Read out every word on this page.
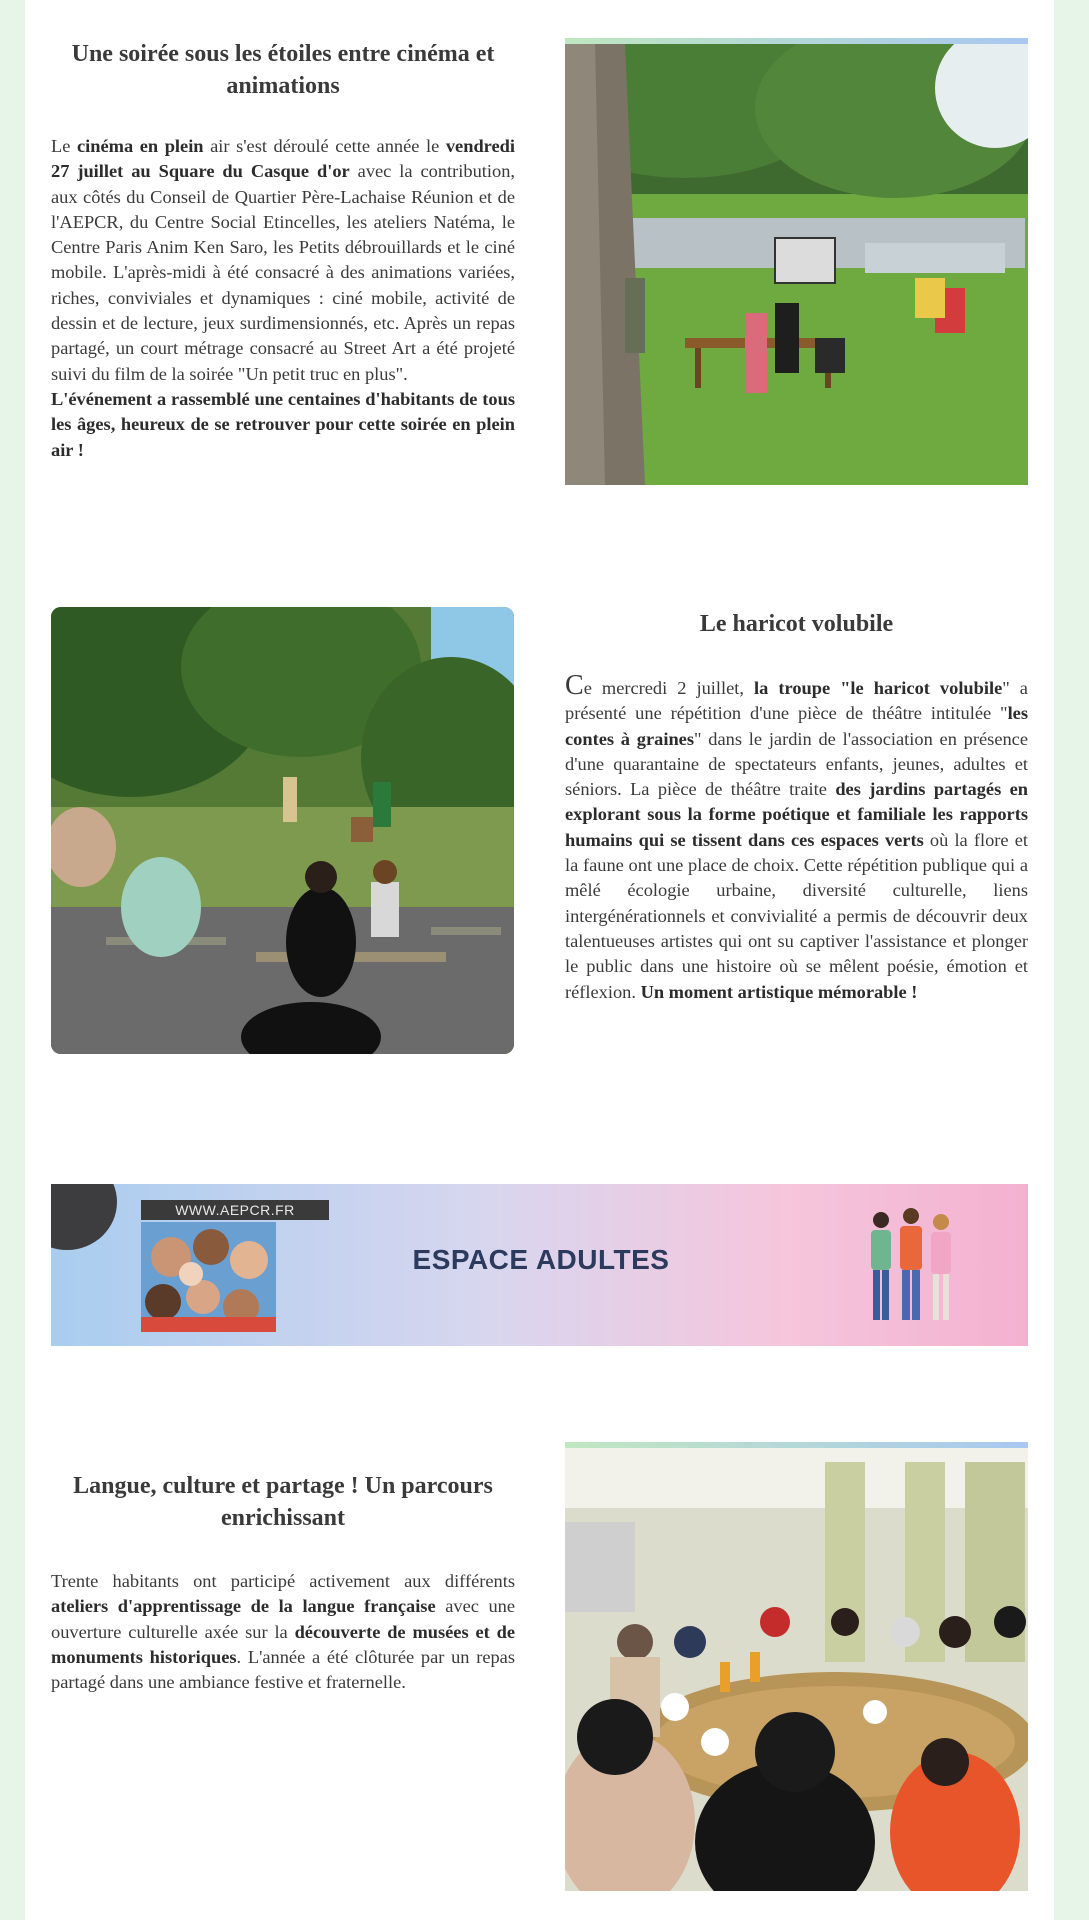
Une soirée sous les étoiles entre cinéma et animations

Le cinéma en plein air s'est déroulé cette année le vendredi 27 juillet au Square du Casque d'or avec la contribution, aux côtés du Conseil de Quartier Père-Lachaise Réunion et de l'AEPCR, du Centre Social Etincelles, les ateliers Natéma, le Centre Paris Anim Ken Saro, les Petits débrouillards et le ciné mobile. L'après-midi à été consacré à des animations variées, riches, conviviales et dynamiques : ciné mobile, activité de dessin et de lecture, jeux surdimensionnés, etc. Après un repas partagé, un court métrage consacré au Street Art a été projeté suivi du film de la soirée "Un petit truc en plus".

L'événement a rassemblé une centaines d'habitants de tous les âges, heureux de se retrouver pour cette soirée en plein air !

Le haricot volubile

Ce mercredi 2 juillet, la troupe "le haricot volubile" a présenté une répétition d'une pièce de théâtre intitulée "les contes à graines" dans le jardin de l'association en présence d'une quarantaine de spectateurs enfants, jeunes, adultes et séniors. La pièce de théâtre traite des jardins partagés en explorant sous la forme poétique et familiale les rapports humains qui se tissent dans ces espaces verts où la flore et la faune ont une place de choix. Cette répétition publique qui a mêlé écologie urbaine, diversité culturelle, liens intergénérationnels et convivialité a permis de découvrir deux talentueuses artistes qui ont su captiver l'assistance et plonger le public dans une histoire où se mêlent poésie, émotion et réflexion. Un moment artistique mémorable !

WWW.AEPCR.FR
ESPACE ADULTES
Langue, culture et partage ! Un parcours enrichissant

Trente habitants ont participé activement aux différents ateliers d'apprentissage de la langue française avec une ouverture culturelle axée sur la découverte de musées et de monuments historiques. L'année a été clôturée par un repas partagé dans une ambiance festive et fraternelle.
